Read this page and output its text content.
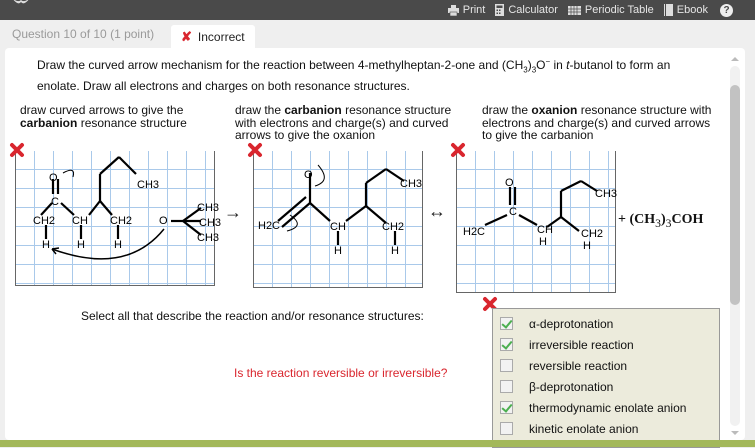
Print Calculator Periodic Table Ebook	?
Question 10 of 10 (1 point) ✘ Incorrect
Draw the curved arrow mechanism for the reaction between 4-methylheptan-2-one and $(CH_3)_3O^-$ in t-butanol to form an enolate. Draw all electrons and charges on both resonance structures.
draw curved arrows to give the
carbanion resonance structure
draw the carbanion resonance structure with electrons and charge(s) and curved arrows to give the oxanion
draw the oxanion resonance structure with electrons and charge(s) and curved arrows to give the carbanion
O
C
CH2 CH CH2
H H	H
CH3
O
CH3
CH3
CH3
→
O
H2C	CH
H
CH2
H
CH3
↔
O
C
H2C	CH
H
CH2
H
CH3
+ $(CH_3)_3COH$
Select all that describe the reaction and/or resonance structures:
Is the reaction reversible or irreversible?
α-deprotonation
irreversible reaction
reversible reaction
β-deprotonation
thermodynamic enolate anion
kinetic enolate anion
